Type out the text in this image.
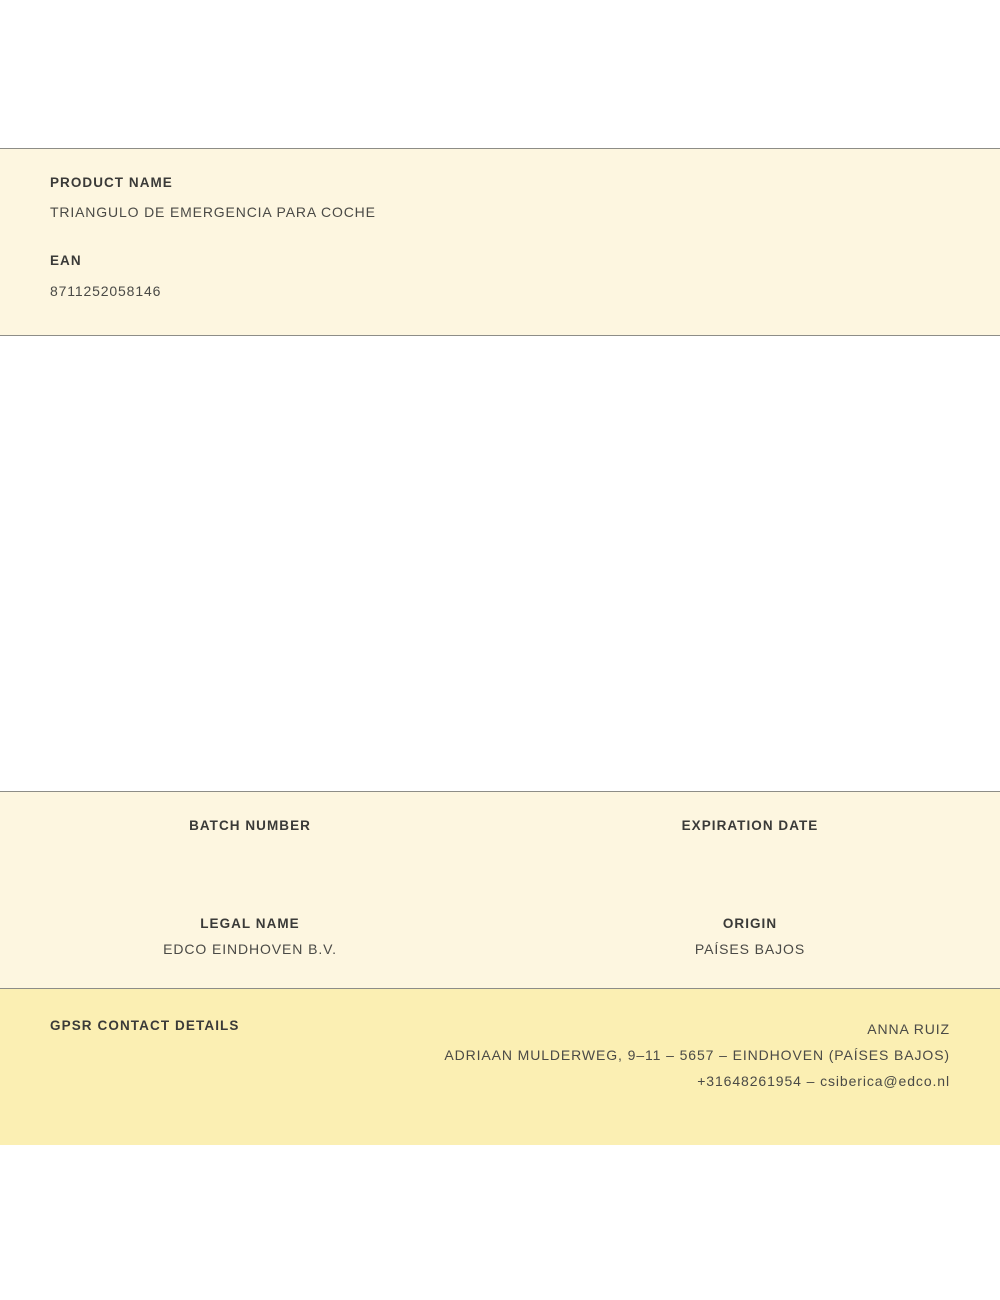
PRODUCT NAME

TRIANGULO DE EMERGENCIA PARA COCHE

EAN

8711252058146

BATCH NUMBER	EXPIRATION DATE

LEGAL NAME

EDCO EINDHOVEN B.V.

ORIGIN

PAÍSES BAJOS

GPSR CONTACT DETAILS	ANNA RUIZ
ADRIAAN MULDERWEG, 9–11 – 5657 – EINDHOVEN (PAÍSES BAJOS)
+31648261954 – csiberica@edco.nl
